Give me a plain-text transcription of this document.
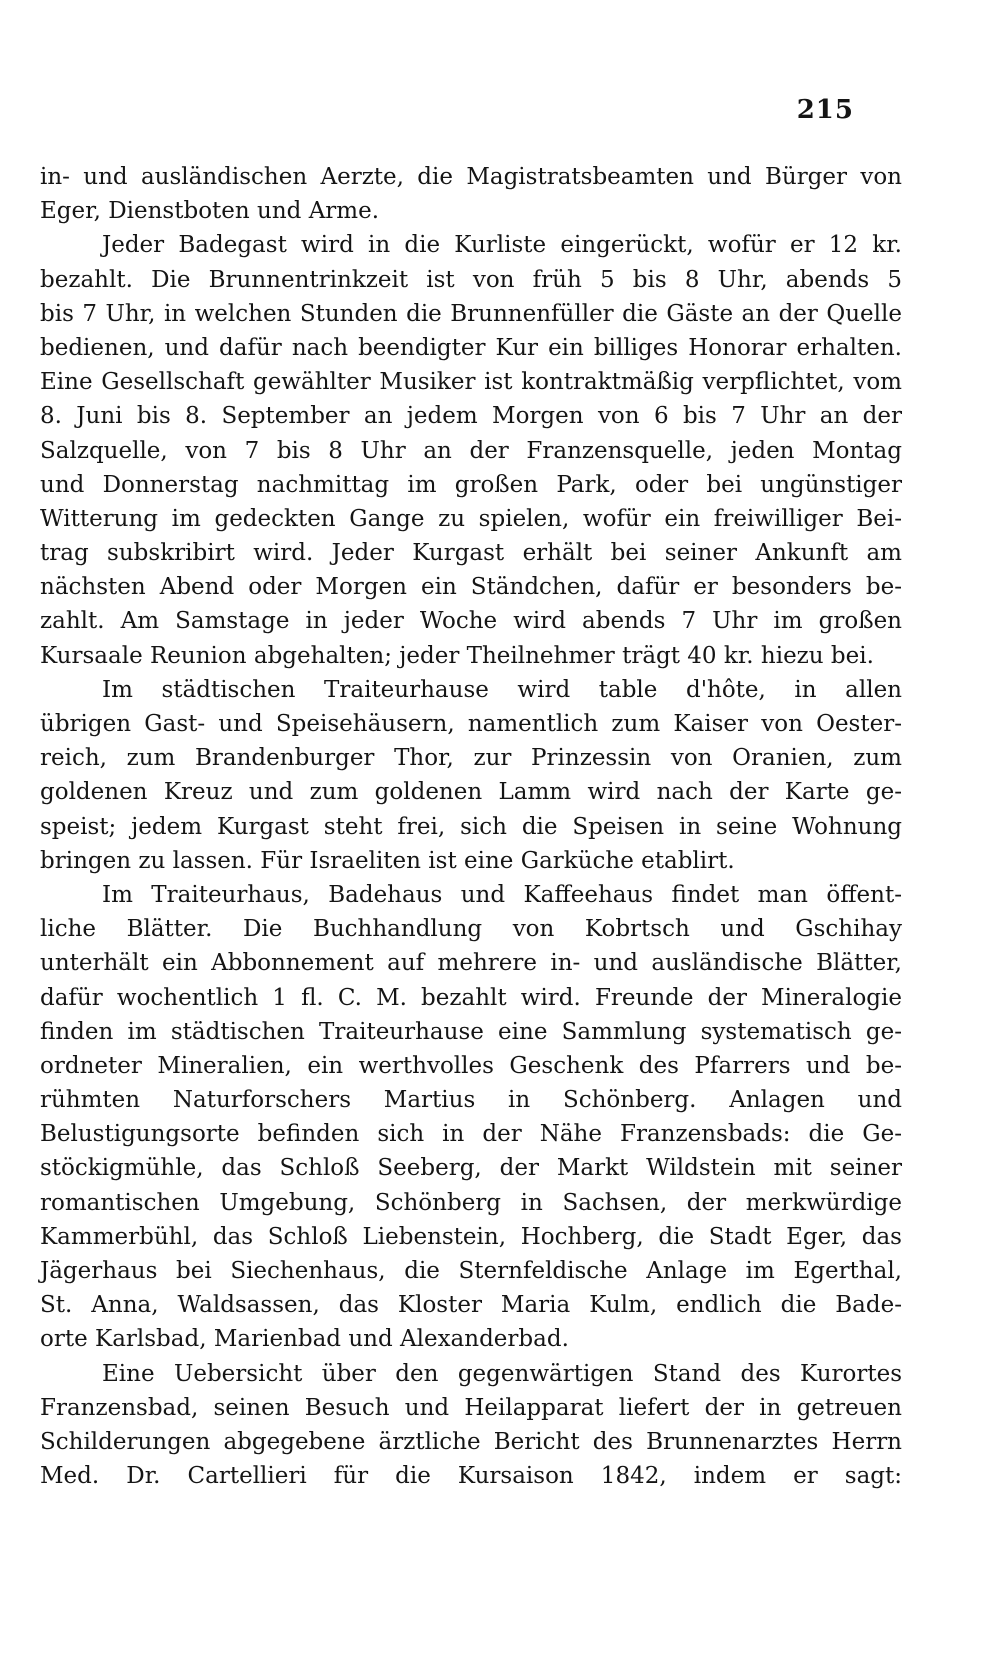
215
in- und ausländischen Aerzte, die Magistratsbeamten und Bürger von
Eger, Dienstboten und Arme.
Jeder Badegast wird in die Kurliste eingerückt, wofür er 12 kr.
bezahlt. Die Brunnentrinkzeit ist von früh 5 bis 8 Uhr, abends 5
bis 7 Uhr, in welchen Stunden die Brunnenfüller die Gäste an der Quelle
bedienen, und dafür nach beendigter Kur ein billiges Honorar erhalten.
Eine Gesellschaft gewählter Musiker ist kontraktmäßig verpflichtet, vom
8. Juni bis 8. September an jedem Morgen von 6 bis 7 Uhr an der
Salzquelle, von 7 bis 8 Uhr an der Franzensquelle, jeden Montag
und Donnerstag nachmittag im großen Park, oder bei ungünstiger
Witterung im gedeckten Gange zu spielen, wofür ein freiwilliger Bei-
trag subskribirt wird. Jeder Kurgast erhält bei seiner Ankunft am
nächsten Abend oder Morgen ein Ständchen, dafür er besonders be-
zahlt. Am Samstage in jeder Woche wird abends 7 Uhr im großen
Kursaale Reunion abgehalten; jeder Theilnehmer trägt 40 kr. hiezu bei.
Im städtischen Traiteurhause wird table d'hôte, in allen
übrigen Gast- und Speisehäusern, namentlich zum Kaiser von Oester-
reich, zum Brandenburger Thor, zur Prinzessin von Oranien, zum
goldenen Kreuz und zum goldenen Lamm wird nach der Karte ge-
speist; jedem Kurgast steht frei, sich die Speisen in seine Wohnung
bringen zu lassen. Für Israeliten ist eine Garküche etablirt.
Im Traiteurhaus, Badehaus und Kaffeehaus findet man öffent-
liche Blätter. Die Buchhandlung von Kobrtsch und Gschihay
unterhält ein Abbonnement auf mehrere in- und ausländische Blätter,
dafür wochentlich 1 fl. C. M. bezahlt wird. Freunde der Mineralogie
finden im städtischen Traiteurhause eine Sammlung systematisch ge-
ordneter Mineralien, ein werthvolles Geschenk des Pfarrers und be-
rühmten Naturforschers Martius in Schönberg. Anlagen und
Belustigungsorte befinden sich in der Nähe Franzensbads: die Ge-
stöckigmühle, das Schloß Seeberg, der Markt Wildstein mit seiner
romantischen Umgebung, Schönberg in Sachsen, der merkwürdige
Kammerbühl, das Schloß Liebenstein, Hochberg, die Stadt Eger, das
Jägerhaus bei Siechenhaus, die Sternfeldische Anlage im Egerthal,
St. Anna, Waldsassen, das Kloster Maria Kulm, endlich die Bade-
orte Karlsbad, Marienbad und Alexanderbad.
Eine Uebersicht über den gegenwärtigen Stand des Kurortes
Franzensbad, seinen Besuch und Heilapparat liefert der in getreuen
Schilderungen abgegebene ärztliche Bericht des Brunnenarztes Herrn
Med. Dr. Cartellieri für die Kursaison 1842, indem er sagt:
